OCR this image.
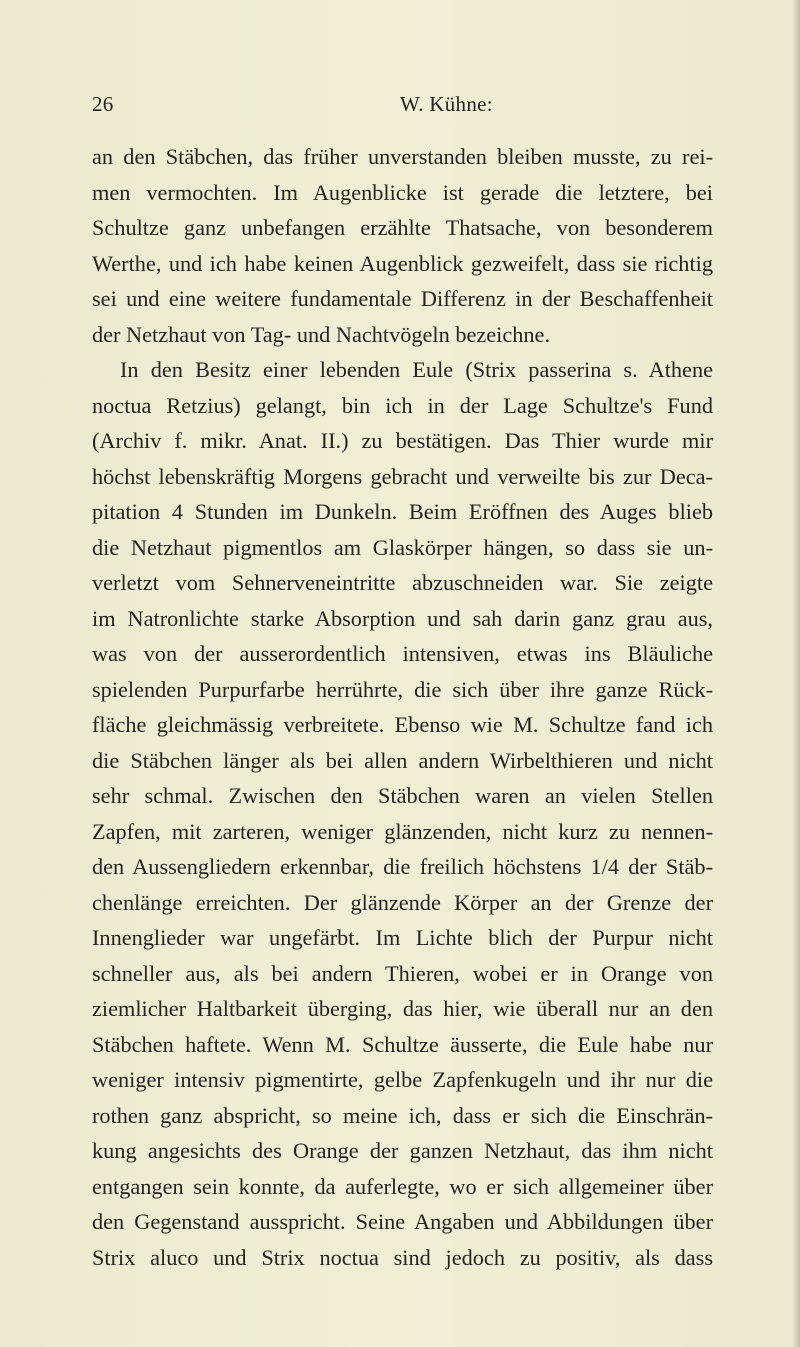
26	W. Kühne:
an den Stäbchen, das früher unverstanden bleiben musste, zu rei-
men vermochten. Im Augenblicke ist gerade die letztere, bei
Schultze ganz unbefangen erzählte Thatsache, von besonderem
Werthe, und ich habe keinen Augenblick gezweifelt, dass sie richtig
sei und eine weitere fundamentale Differenz in der Beschaffenheit
der Netzhaut von Tag- und Nachtvögeln bezeichne.
In den Besitz einer lebenden Eule (Strix passerina s. Athene
noctua Retzius) gelangt, bin ich in der Lage Schultze's Fund
(Archiv f. mikr. Anat. II.) zu bestätigen. Das Thier wurde mir
höchst lebenskräftig Morgens gebracht und verweilte bis zur Deca-
pitation 4 Stunden im Dunkeln. Beim Eröffnen des Auges blieb
die Netzhaut pigmentlos am Glaskörper hängen, so dass sie un-
verletzt vom Sehnerveneintritte abzuschneiden war. Sie zeigte
im Natronlichte starke Absorption und sah darin ganz grau aus,
was von der ausserordentlich intensiven, etwas ins Bläuliche
spielenden Purpurfarbe herrührte, die sich über ihre ganze Rück-
fläche gleichmässig verbreitete. Ebenso wie M. Schultze fand ich
die Stäbchen länger als bei allen andern Wirbelthieren und nicht
sehr schmal. Zwischen den Stäbchen waren an vielen Stellen
Zapfen, mit zarteren, weniger glänzenden, nicht kurz zu nennen-
den Aussengliedern erkennbar, die freilich höchstens 1/4 der Stäb-
chenlänge erreichten. Der glänzende Körper an der Grenze der
Innenglieder war ungefärbt. Im Lichte blich der Purpur nicht
schneller aus, als bei andern Thieren, wobei er in Orange von
ziemlicher Haltbarkeit überging, das hier, wie überall nur an den
Stäbchen haftete. Wenn M. Schultze äusserte, die Eule habe nur
weniger intensiv pigmentirte, gelbe Zapfenkugeln und ihr nur die
rothen ganz abspricht, so meine ich, dass er sich die Einschrän-
kung angesichts des Orange der ganzen Netzhaut, das ihm nicht
entgangen sein konnte, da auferlegte, wo er sich allgemeiner über
den Gegenstand ausspricht. Seine Angaben und Abbildungen über
Strix aluco und Strix noctua sind jedoch zu positiv, als dass
